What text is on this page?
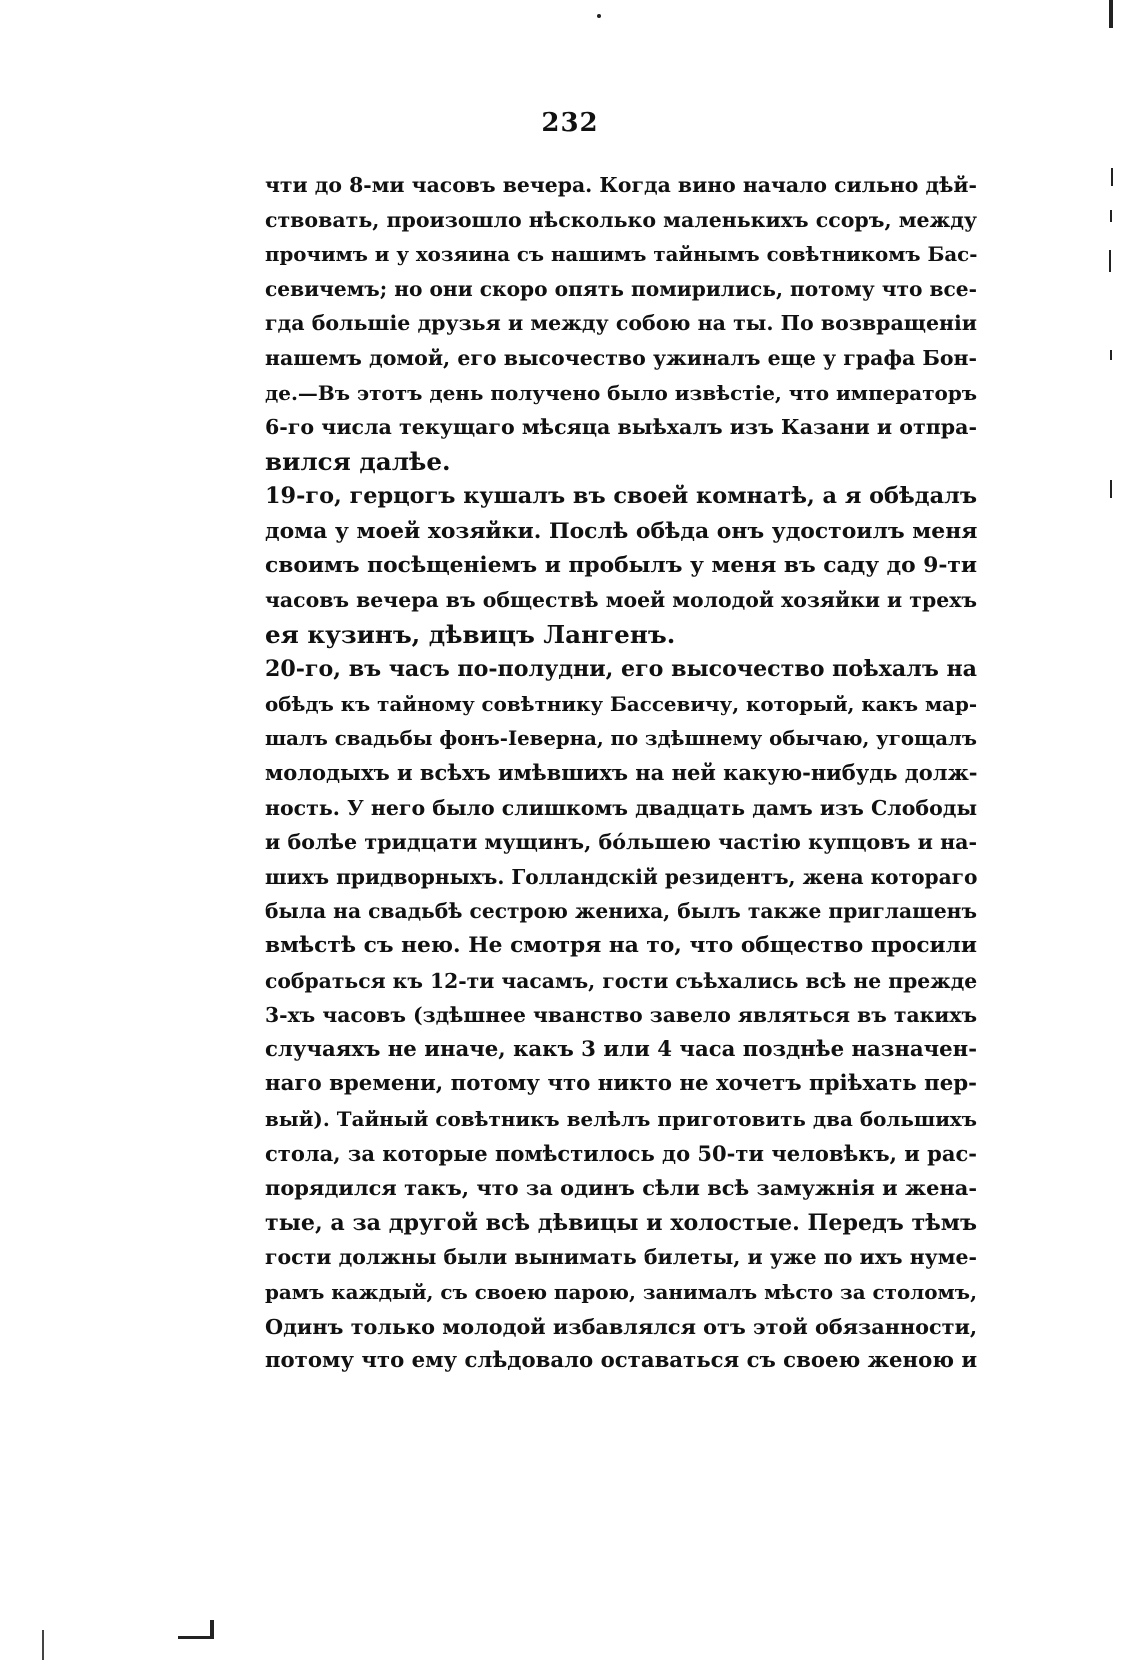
232
чти до 8-ми часовъ вечера. Когда вино начало сильно дѣй-
ствовать, произошло нѣсколько маленькихъ ссоръ, между
прочимъ и у хозяина съ нашимъ тайнымъ совѣтникомъ Бас-
севичемъ; но они скоро опять помирились, потому что все-
гда большіе друзья и между собою на ты. По возвращеніи
нашемъ домой, его высочество ужиналъ еще у графа Бон-
де.—Въ этотъ день получено было извѣстіе, что императоръ
6-го числа текущаго мѣсяца выѣхалъ изъ Казани и отпра-
вился далѣе.
19-го, герцогъ кушалъ въ своей комнатѣ, а я обѣдалъ
дома у моей хозяйки. Послѣ обѣда онъ удостоилъ меня
своимъ посѣщеніемъ и пробылъ у меня въ саду до 9-ти
часовъ вечера въ обществѣ моей молодой хозяйки и трехъ
ея кузинъ, дѣвицъ Лангенъ.
20-го, въ часъ по-полудни, его высочество поѣхалъ на
обѣдъ къ тайному совѣтнику Бассевичу, который, какъ мар-
шалъ свадьбы фонъ-Іеверна, по здѣшнему обычаю, угощалъ
молодыхъ и всѣхъ имѣвшихъ на ней какую-нибудь долж-
ность. У него было слишкомъ двадцать дамъ изъ Слободы
и болѣе тридцати мущинъ, бо́льшею частію купцовъ и на-
шихъ придворныхъ. Голландскій резидентъ, жена котораго
была на свадьбѣ сестрою жениха, былъ также приглашенъ
вмѣстѣ съ нею. Не смотря на то, что общество просили
собраться къ 12-ти часамъ, гости съѣхались всѣ не прежде
3-хъ часовъ (здѣшнее чванство завело являться въ такихъ
случаяхъ не иначе, какъ 3 или 4 часа позднѣе назначен-
наго времени, потому что никто не хочетъ пріѣхать пер-
вый). Тайный совѣтникъ велѣлъ приготовить два большихъ
стола, за которые помѣстилось до 50-ти человѣкъ, и рас-
порядился такъ, что за одинъ сѣли всѣ замужнія и жена-
тые, а за другой всѣ дѣвицы и холостые. Передъ тѣмъ
гости должны были вынимать билеты, и уже по ихъ нуме-
рамъ каждый, съ своею парою, занималъ мѣсто за столомъ,
Одинъ только молодой избавлялся отъ этой обязанности,
потому что ему слѣдовало оставаться съ своею женою и
